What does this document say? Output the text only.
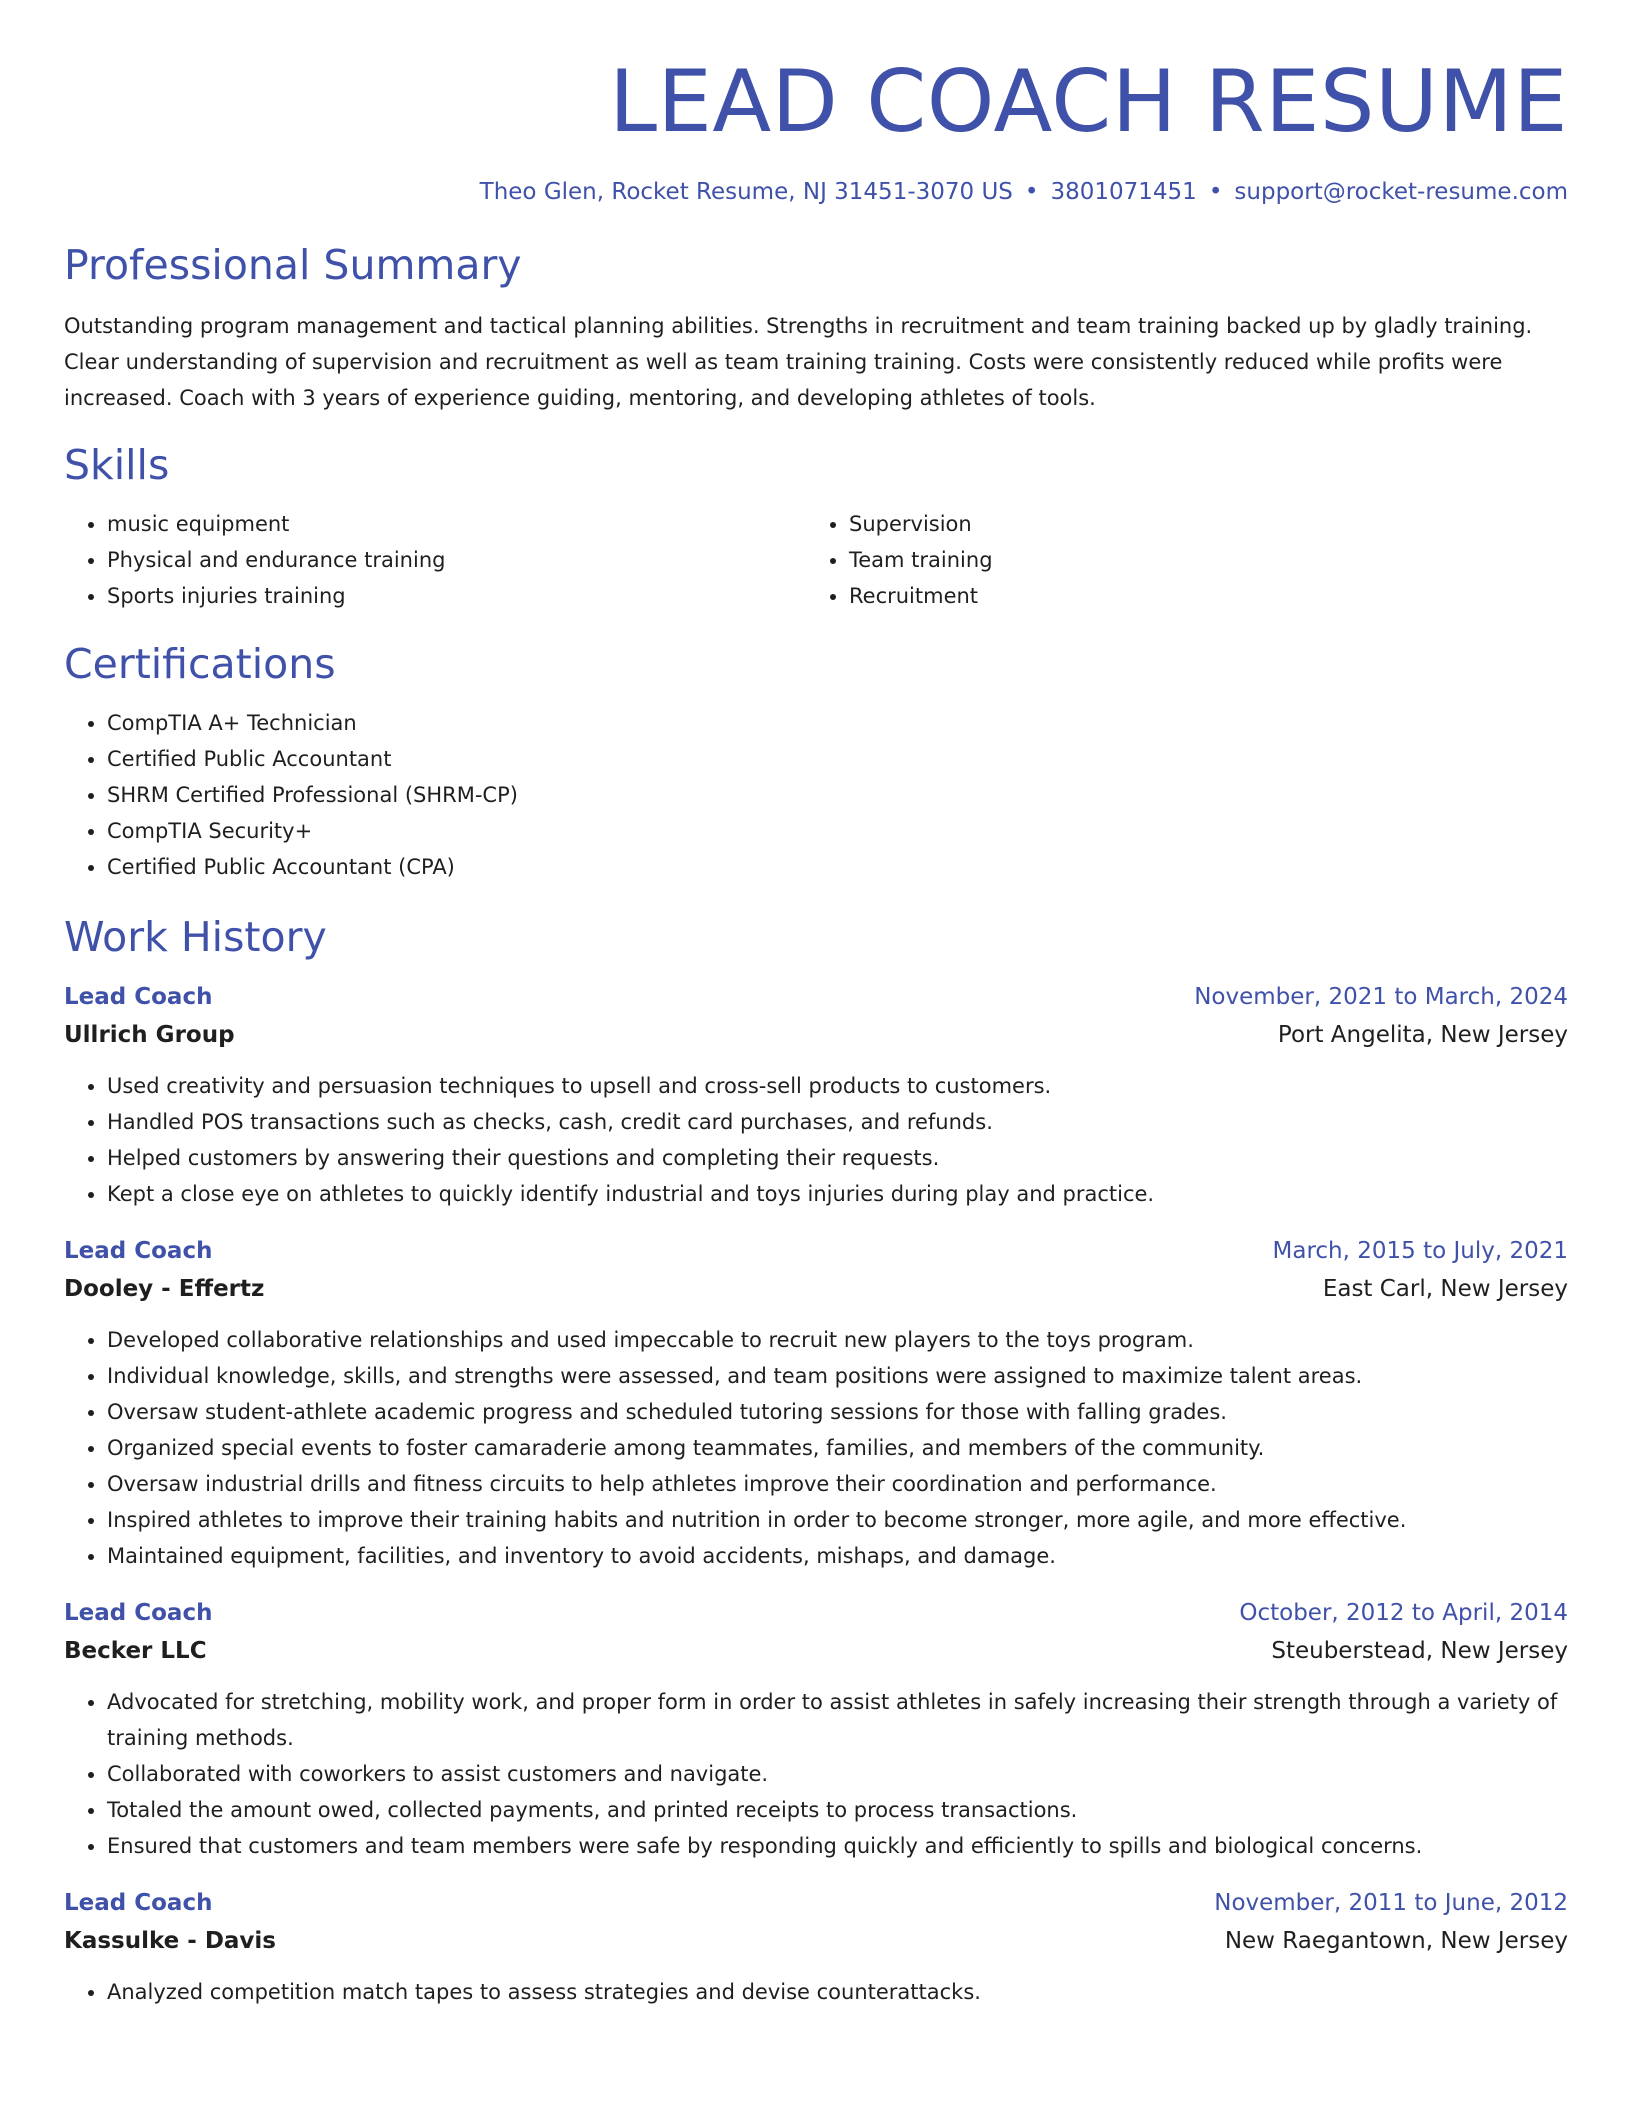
LEAD COACH RESUME
Theo Glen, Rocket Resume, NJ 31451-3070 US • 3801071451 • support@rocket-resume.com
Professional Summary
Outstanding program management and tactical planning abilities. Strengths in recruitment and team training backed up by gladly training. Clear understanding of supervision and recruitment as well as team training training. Costs were consistently reduced while profits were increased. Coach with 3 years of experience guiding, mentoring, and developing athletes of tools.
Skills
• music equipment
• Physical and endurance training
• Sports injuries training
• Supervision
• Team training
• Recruitment
Certifications
• CompTIA A+ Technician
• Certified Public Accountant
• SHRM Certified Professional (SHRM-CP)
• CompTIA Security+
• Certified Public Accountant (CPA)
Work History
Lead Coach	November, 2021 to March, 2024
Ullrich Group	Port Angelita, New Jersey
• Used creativity and persuasion techniques to upsell and cross-sell products to customers.
• Handled POS transactions such as checks, cash, credit card purchases, and refunds.
• Helped customers by answering their questions and completing their requests.
• Kept a close eye on athletes to quickly identify industrial and toys injuries during play and practice.
Lead Coach	March, 2015 to July, 2021
Dooley - Effertz	East Carl, New Jersey
• Developed collaborative relationships and used impeccable to recruit new players to the toys program.
• Individual knowledge, skills, and strengths were assessed, and team positions were assigned to maximize talent areas.
• Oversaw student-athlete academic progress and scheduled tutoring sessions for those with falling grades.
• Organized special events to foster camaraderie among teammates, families, and members of the community.
• Oversaw industrial drills and fitness circuits to help athletes improve their coordination and performance.
• Inspired athletes to improve their training habits and nutrition in order to become stronger, more agile, and more effective.
• Maintained equipment, facilities, and inventory to avoid accidents, mishaps, and damage.
Lead Coach	October, 2012 to April, 2014
Becker LLC	Steuberstead, New Jersey
• Advocated for stretching, mobility work, and proper form in order to assist athletes in safely increasing their strength through a variety of training methods.
• Collaborated with coworkers to assist customers and navigate.
• Totaled the amount owed, collected payments, and printed receipts to process transactions.
• Ensured that customers and team members were safe by responding quickly and efficiently to spills and biological concerns.
Lead Coach	November, 2011 to June, 2012
Kassulke - Davis	New Raegantown, New Jersey
• Analyzed competition match tapes to assess strategies and devise counterattacks.
